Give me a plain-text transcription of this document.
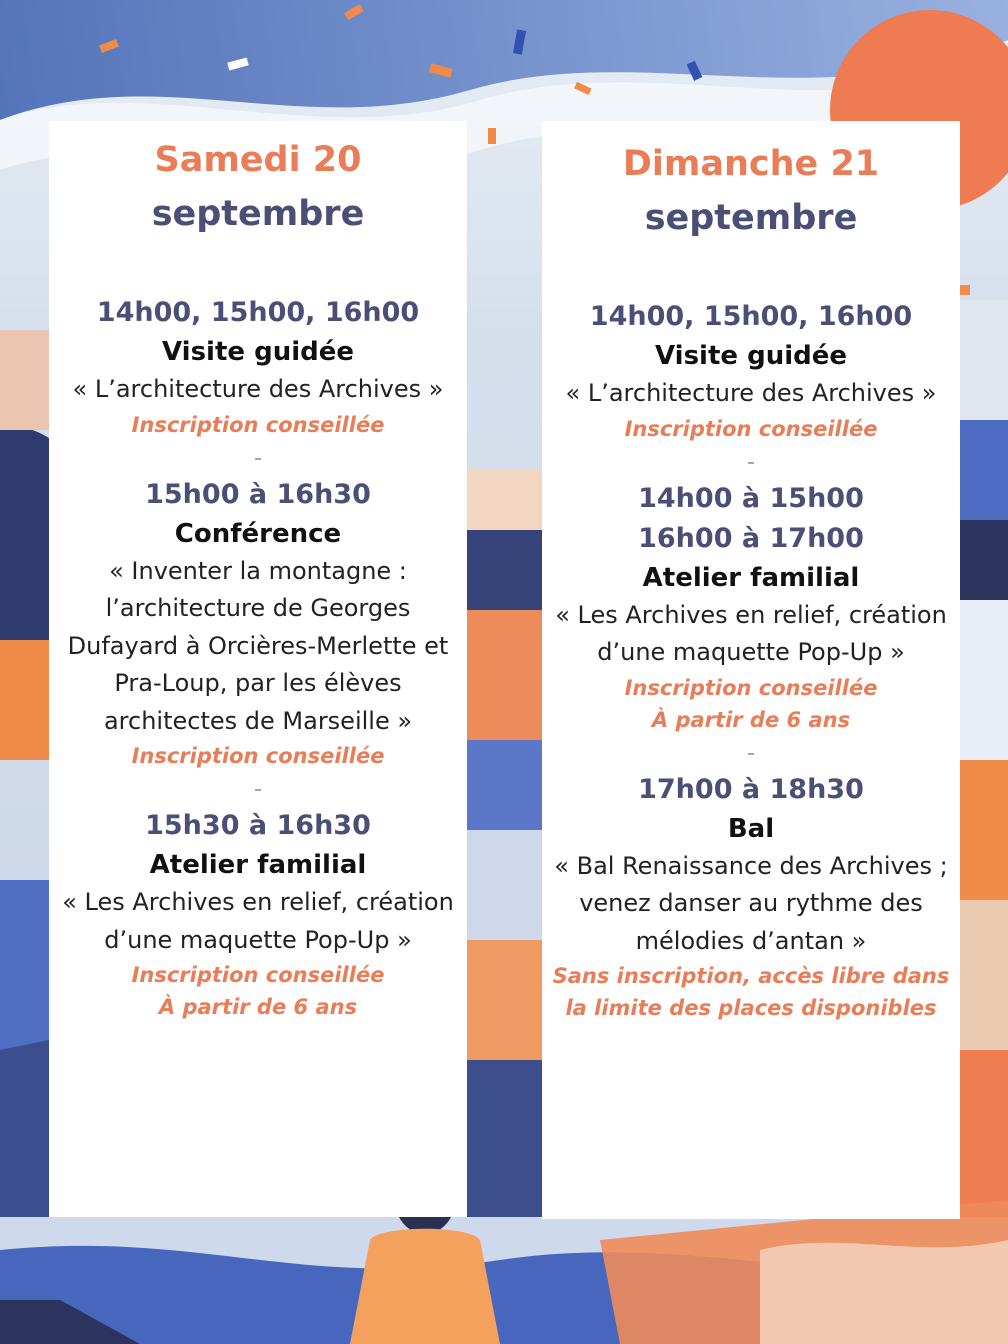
Samedi 20
septembre
14h00, 15h00, 16h00
Visite guidée
« L’architecture des Archives »
Inscription conseillée
–
15h00 à 16h30
Conférence
« Inventer la montagne : l’architecture de Georges Dufayard à Orcières-Merlette et Pra-Loup, par les élèves architectes de Marseille »
Inscription conseillée
–
15h30 à 16h30
Atelier familial
« Les Archives en relief, création d’une maquette Pop-Up »
Inscription conseillée
À partir de 6 ans
Dimanche 21
septembre
14h00, 15h00, 16h00
Visite guidée
« L’architecture des Archives »
Inscription conseillée
–
14h00 à 15h00
16h00 à 17h00
Atelier familial
« Les Archives en relief, création d’une maquette Pop-Up »
Inscription conseillée
À partir de 6 ans
–
17h00 à 18h30
Bal
« Bal Renaissance des Archives ; venez danser au rythme des mélodies d’antan »
Sans inscription, accès libre dans la limite des places disponibles
